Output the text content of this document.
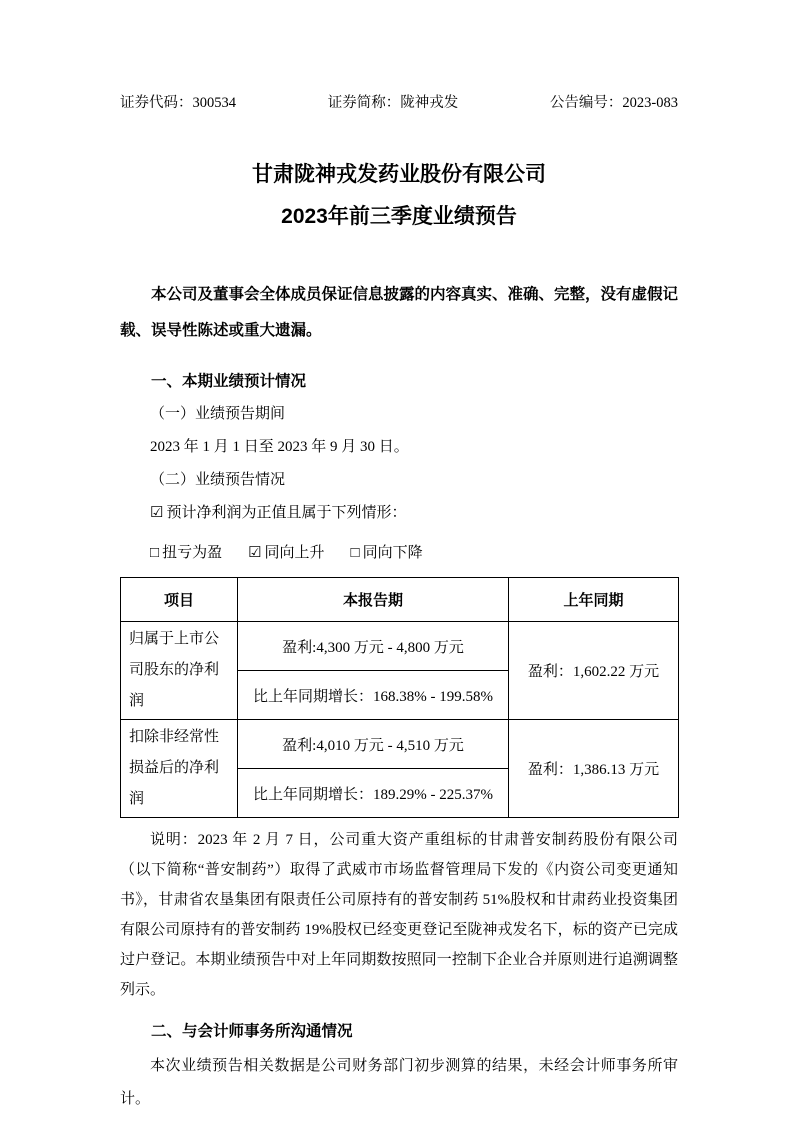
证券代码：300534	证券简称：陇神戎发	公告编号：2023-083
甘肃陇神戎发药业股份有限公司
2023年前三季度业绩预告

本公司及董事会全体成员保证信息披露的内容真实、准确、完整，没有虚假记载、误导性陈述或重大遗漏。

一、本期业绩预计情况

（一）业绩预告期间

2023 年 1 月 1 日至 2023 年 9 月 30 日。

（二）业绩预告情况

☑ 预计净利润为正值且属于下列情形：

□ 扭亏为盈 ☑ 同向上升 □ 同向下降

项目	本报告期	上年同期
归属于上市公司股东的净利润	盈利:4,300 万元 - 4,800 万元	盈利：1,602.22 万元
	比上年同期增长：168.38% - 199.58%	
扣除非经常性损益后的净利润	盈利:4,010 万元 - 4,510 万元	盈利：1,386.13 万元
	比上年同期增长：189.29% - 225.37%	

说明：2023 年 2 月 7 日，公司重大资产重组标的甘肃普安制药股份有限公司（以下简称“普安制药”）取得了武威市市场监督管理局下发的《内资公司变更通知书》，甘肃省农垦集团有限责任公司原持有的普安制药 51%股权和甘肃药业投资集团有限公司原持有的普安制药 19%股权已经变更登记至陇神戎发名下，标的资产已完成过户登记。本期业绩预告中对上年同期数按照同一控制下企业合并原则进行追溯调整列示。

二、与会计师事务所沟通情况

本次业绩预告相关数据是公司财务部门初步测算的结果，未经会计师事务所审计。
